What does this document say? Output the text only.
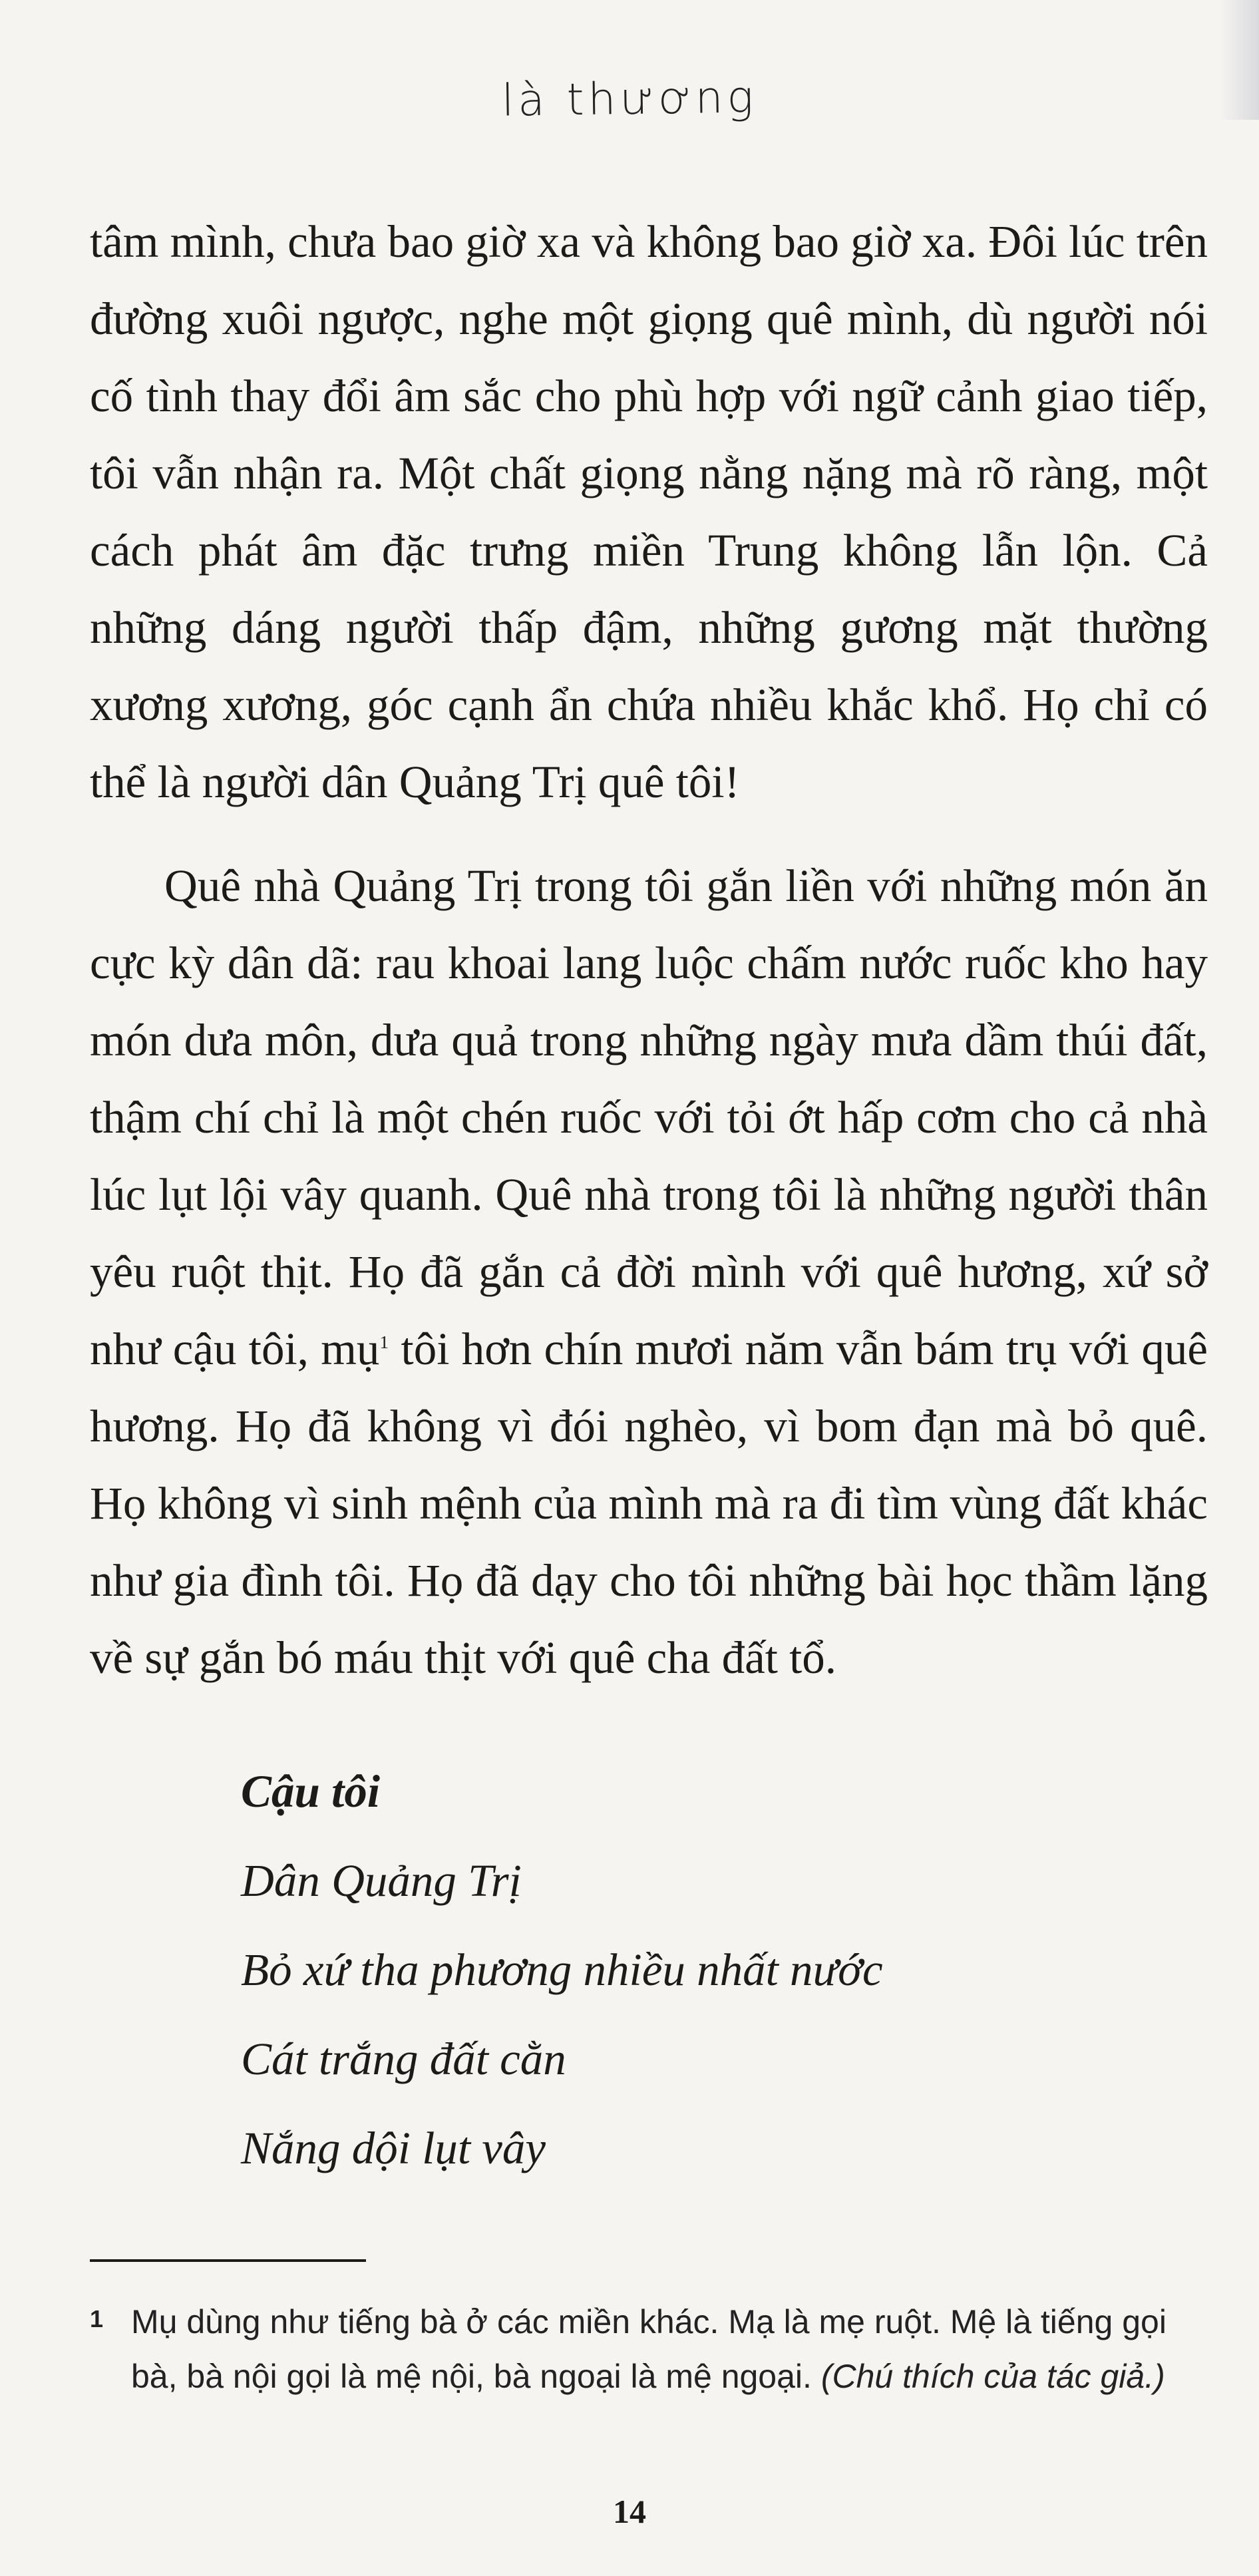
là thương

tâm mình, chưa bao giờ xa và không bao giờ xa. Đôi lúc trên đường xuôi ngược, nghe một giọng quê mình, dù người nói cố tình thay đổi âm sắc cho phù hợp với ngữ cảnh giao tiếp, tôi vẫn nhận ra. Một chất giọng nằng nặng mà rõ ràng, một cách phát âm đặc trưng miền Trung không lẫn lộn. Cả những dáng người thấp đậm, những gương mặt thường xương xương, góc cạnh ẩn chứa nhiều khắc khổ. Họ chỉ có thể là người dân Quảng Trị quê tôi!

Quê nhà Quảng Trị trong tôi gắn liền với những món ăn cực kỳ dân dã: rau khoai lang luộc chấm nước ruốc kho hay món dưa môn, dưa quả trong những ngày mưa dầm thúi đất, thậm chí chỉ là một chén ruốc với tỏi ớt hấp cơm cho cả nhà lúc lụt lội vây quanh. Quê nhà trong tôi là những người thân yêu ruột thịt. Họ đã gắn cả đời mình với quê hương, xứ sở như cậu tôi, mụ$^1$ tôi hơn chín mươi năm vẫn bám trụ với quê hương. Họ đã không vì đói nghèo, vì bom đạn mà bỏ quê. Họ không vì sinh mệnh của mình mà ra đi tìm vùng đất khác như gia đình tôi. Họ đã dạy cho tôi những bài học thầm lặng về sự gắn bó máu thịt với quê cha đất tổ.

Cậu tôi
Dân Quảng Trị
Bỏ xứ tha phương nhiều nhất nước
Cát trắng đất cằn
Nắng dội lụt vây
1 Mụ dùng như tiếng bà ở các miền khác. Mạ là mẹ ruột. Mệ là tiếng gọi bà, bà nội gọi là mệ nội, bà ngoại là mệ ngoại. (Chú thích của tác giả.)
14
